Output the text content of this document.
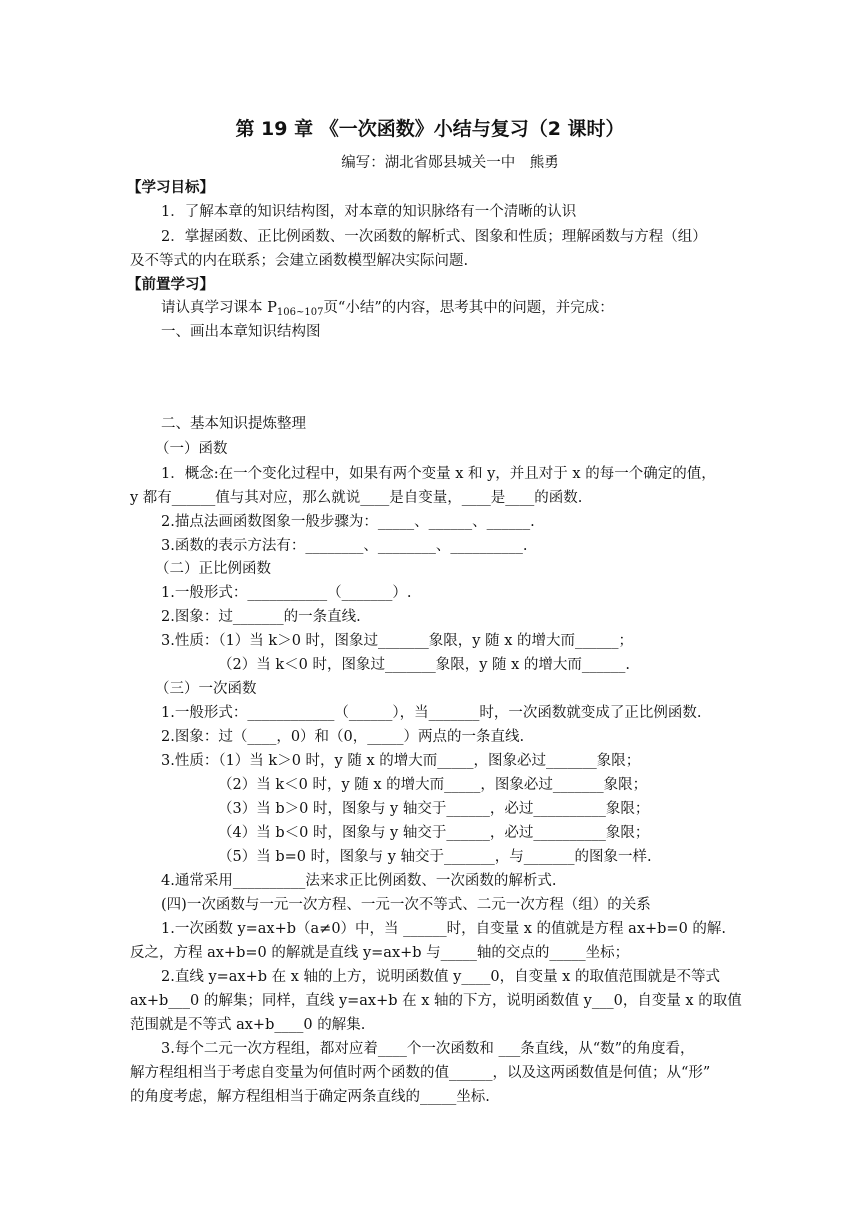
第 19 章 《一次函数》小结与复习（2 课时）
编写：湖北省郧县城关一中　熊勇
【学习目标】
1．了解本章的知识结构图，对本章的知识脉络有一个清晰的认识
2．掌握函数、正比例函数、一次函数的解析式、图象和性质；理解函数与方程（组）
及不等式的内在联系；会建立函数模型解决实际问题.
【前置学习】
请认真学习课本 $P_{106\sim 107}$页“小结”的内容，思考其中的问题，并完成：
一、画出本章知识结构图
二、基本知识提炼整理
（一）函数
1．概念:在一个变化过程中，如果有两个变量 x 和 y，并且对于 x 的每一个确定的值，
y 都有______值与其对应，那么就说____是自变量，____是____的函数.
2.描点法画函数图象一般步骤为：_____、______、______.
3.函数的表示方法有：________、________、__________.
（二）正比例函数
1.一般形式：___________（_______）.
2.图象：过_______的一条直线.
3.性质：（1）当 k＞0 时，图象过_______象限，y 随 x 的增大而______；
（2）当 k＜0 时，图象过_______象限，y 随 x 的增大而______.
（三）一次函数
1.一般形式：____________（______），当_______时，一次函数就变成了正比例函数.
2.图象：过（____，0）和（0，_____）两点的一条直线.
3.性质：（1）当 k＞0 时，y 随 x 的增大而_____，图象必过_______象限；
（2）当 k＜0 时，y 随 x 的增大而_____，图象必过_______象限；
（3）当 b＞0 时，图象与 y 轴交于______，必过__________象限；
（4）当 b＜0 时，图象与 y 轴交于______，必过__________象限；
（5）当 b=0 时，图象与 y 轴交于_______，与_______的图象一样.
4.通常采用__________法来求正比例函数、一次函数的解析式.
(四)一次函数与一元一次方程、一元一次不等式、二元一次方程（组）的关系
1.一次函数 y=ax+b（a≠0）中，当 ______时，自变量 x 的值就是方程 ax+b=0 的解.
反之，方程 ax+b=0 的解就是直线 y=ax+b 与_____轴的交点的_____坐标；
2.直线 y=ax+b 在 x 轴的上方，说明函数值 y____0，自变量 x 的取值范围就是不等式
ax+b___0 的解集；同样，直线 y=ax+b 在 x 轴的下方，说明函数值 y___0，自变量 x 的取值
范围就是不等式 ax+b____0 的解集.
3.每个二元一次方程组，都对应着____个一次函数和 ___条直线，从“数”的角度看，
解方程组相当于考虑自变量为何值时两个函数的值______，以及这两函数值是何值；从“形”
的角度考虑，解方程组相当于确定两条直线的_____坐标.
